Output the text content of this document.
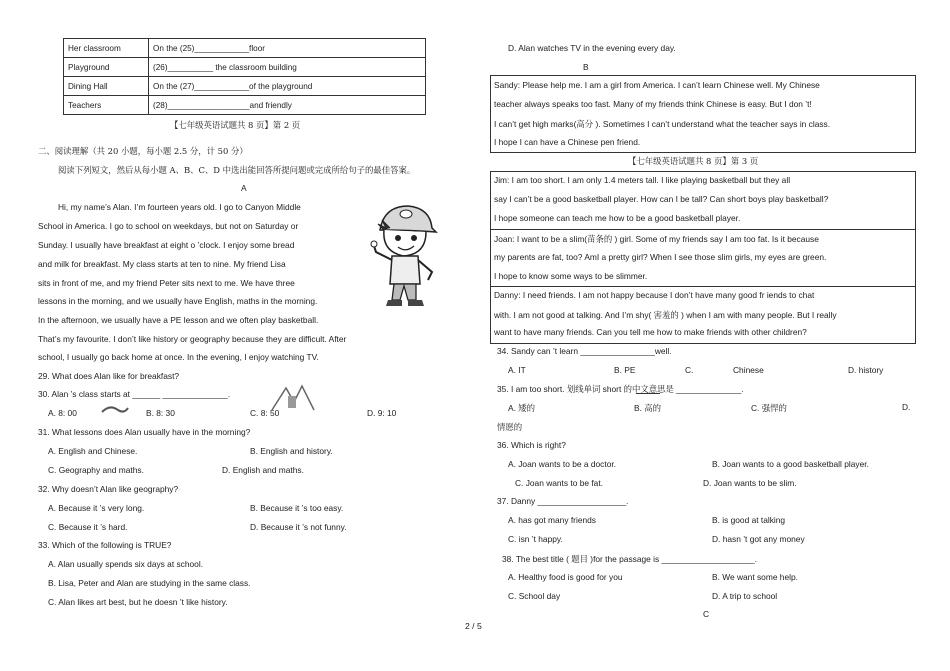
Her classroom	On the (25)____________floor
Playground	(26)__________ the classroom building
Dining Hall	On the (27)____________of the playground
Teachers	(28)__________________and friendly
【七年级英语试题共 8 页】第 2 页
二、阅读理解（共 20 小题，每小题 2.5 分，计 50 分）
阅读下列短文，然后从每小题 A、B、C、D 中选出能回答所提问题或完成所给句子的最佳答案。
A
Hi, my name’s Alan. I’m fourteen years old. I go to Canyon Middle
School in America. I go to school on weekdays, but not on Saturday or
Sunday. I usually have breakfast at eight o ’clock. I enjoy some bread
and milk for breakfast. My class starts at ten to nine. My friend Lisa
sits in front of me, and my friend Peter sits next to me. We have three
lessons in the morning, and we usually have English, maths in the morning.
In the afternoon, we usually have a PE lesson and we often play basketball.
That’s my favourite. I don’t like history or geography because they are difficult. After
school, I usually go back home at once. In the evening, I enjoy watching TV.
29. What does Alan like for breakfast?
30. Alan ’s class starts at ______ ______________.
A. 8: 00	B. 8: 30	C. 8: 50	D. 9: 10
31. What lessons does Alan usually have in the morning?
A. English and Chinese.	B. English and history.
C. Geography and maths.	D. English and maths.
32. Why doesn’t Alan like geography?
A. Because it ’s very long.	B. Because it ’s too easy.
C. Because it ’s hard.	D. Because it ’s not funny.
33. Which of the following is TRUE?
A. Alan usually spends six days at school.
B. Lisa, Peter and Alan are studying in the same class.
C. Alan likes art best, but he doesn ’t like history.
D. Alan watches TV in the evening every day.
B
Sandy: Please help me. I am a girl from America. I can’t learn Chinese well. My Chinese
teacher always speaks too fast. Many of my friends think Chinese is easy. But I don ’t!
I can’t get high marks(高分 ). Sometimes I can’t understand what the teacher says in class.
I hope I can have a Chinese pen friend.
【七年级英语试题共 8 页】第 3 页
Jim: I am too short. I am only 1.4 meters tall. I like playing basketball but they all
say I can’t be a good basketball player. How can I be tall? Can short boys play basketball?
I hope someone can teach me how to be a good basketball player.
Joan: I want to be a slim(苗条的 ) girl. Some of my friends say I am too fat. Is it because
my parents are fat, too? AmI a pretty girl? When I see those slim girls, my eyes are green.
I hope to know some ways to be slimmer.
Danny: I need friends. I am not happy because I don’t have many good fr iends to chat
with. I am not good at talking. And I’m shy( 害羞的 ) when I am with many people. But I really
want to have many friends. Can you tell me how to make friends with other children?
34. Sandy can ’t learn ________________well.
A. IT	B. PE	C.	Chinese	D. history
35. I am too short. 划线单词 short 的中文意思是 ______________.
A. 矮的	B. 高的	C. 强悍的	D.
情愿的
36. Which is right?
A. Joan wants to be a doctor.	B. Joan wants to a good basketball player.
C. Joan wants to be fat.	D. Joan wants to be slim.
37. Danny ___________________.
A. has got many friends	B. is good at talking
C. isn ’t happy.	D. hasn ’t got any money
38. The best title ( 题目 )for the passage is ____________________.
A. Healthy food is good for you	B. We want some help.
C. School day	D. A trip to school
C
2 / 5
